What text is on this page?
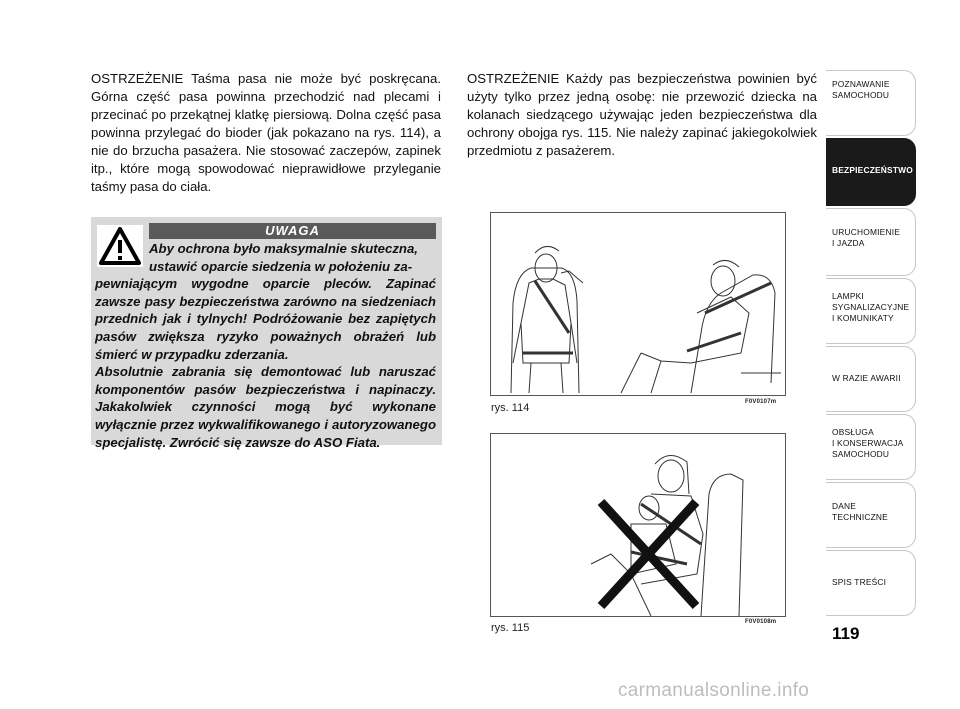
OSTRZEŻENIE Taśma pasa nie może być poskręcana. Górna część pasa powinna przechodzić nad plecami i przecinać po przekątnej klatkę piersiową. Dolna część pasa powinna przylegać do bioder (jak pokazano na rys. 114), a nie do brzucha pasażera. Nie stosować zaczepów, zapinek itp., które mogą spowodować nieprawidłowe przyleganie taśmy pasa do ciała.
UWAGA
Aby ochrona było maksymalnie skuteczna,
ustawić oparcie siedzenia w położeniu za-
pewniającym wygodne oparcie pleców. Zapinać zawsze pasy bezpieczeństwa zarówno na siedzeniach przednich jak i tylnych! Podróżowanie bez zapiętych pasów zwiększa ryzyko poważnych obrażeń lub śmierć w przypadku zderzania.
Absolutnie zabrania się demontować lub naruszać komponentów pasów bezpieczeństwa i napinaczy. Jakakolwiek czynności mogą być wykonane wyłącznie przez wykwalifikowanego i autoryzowanego specjalistę. Zwrócić się zawsze do ASO Fiata.
OSTRZEŻENIE Każdy pas bezpieczeństwa powinien być użyty tylko przez jedną osobę: nie przewozić dziecka na kolanach siedzącego używając jeden bezpieczeństwa dla ochrony obojga rys. 115. Nie należy zapinać jakiegokolwiek przedmiotu z pasażerem.
rys. 114	F0V0107m
rys. 115	F0V0108m
POZNAWANIE
SAMOCHODU
BEZPIECZEŃSTWO
URUCHOMIENIE
I JAZDA
LAMPKI
SYGNALIZACYJNE
I KOMUNIKATY
W RAZIE AWARII
OBSŁUGA
I KONSERWACJA
SAMOCHODU
DANE
TECHNICZNE
SPIS TREŚCI
119
carmanualsonline.info
